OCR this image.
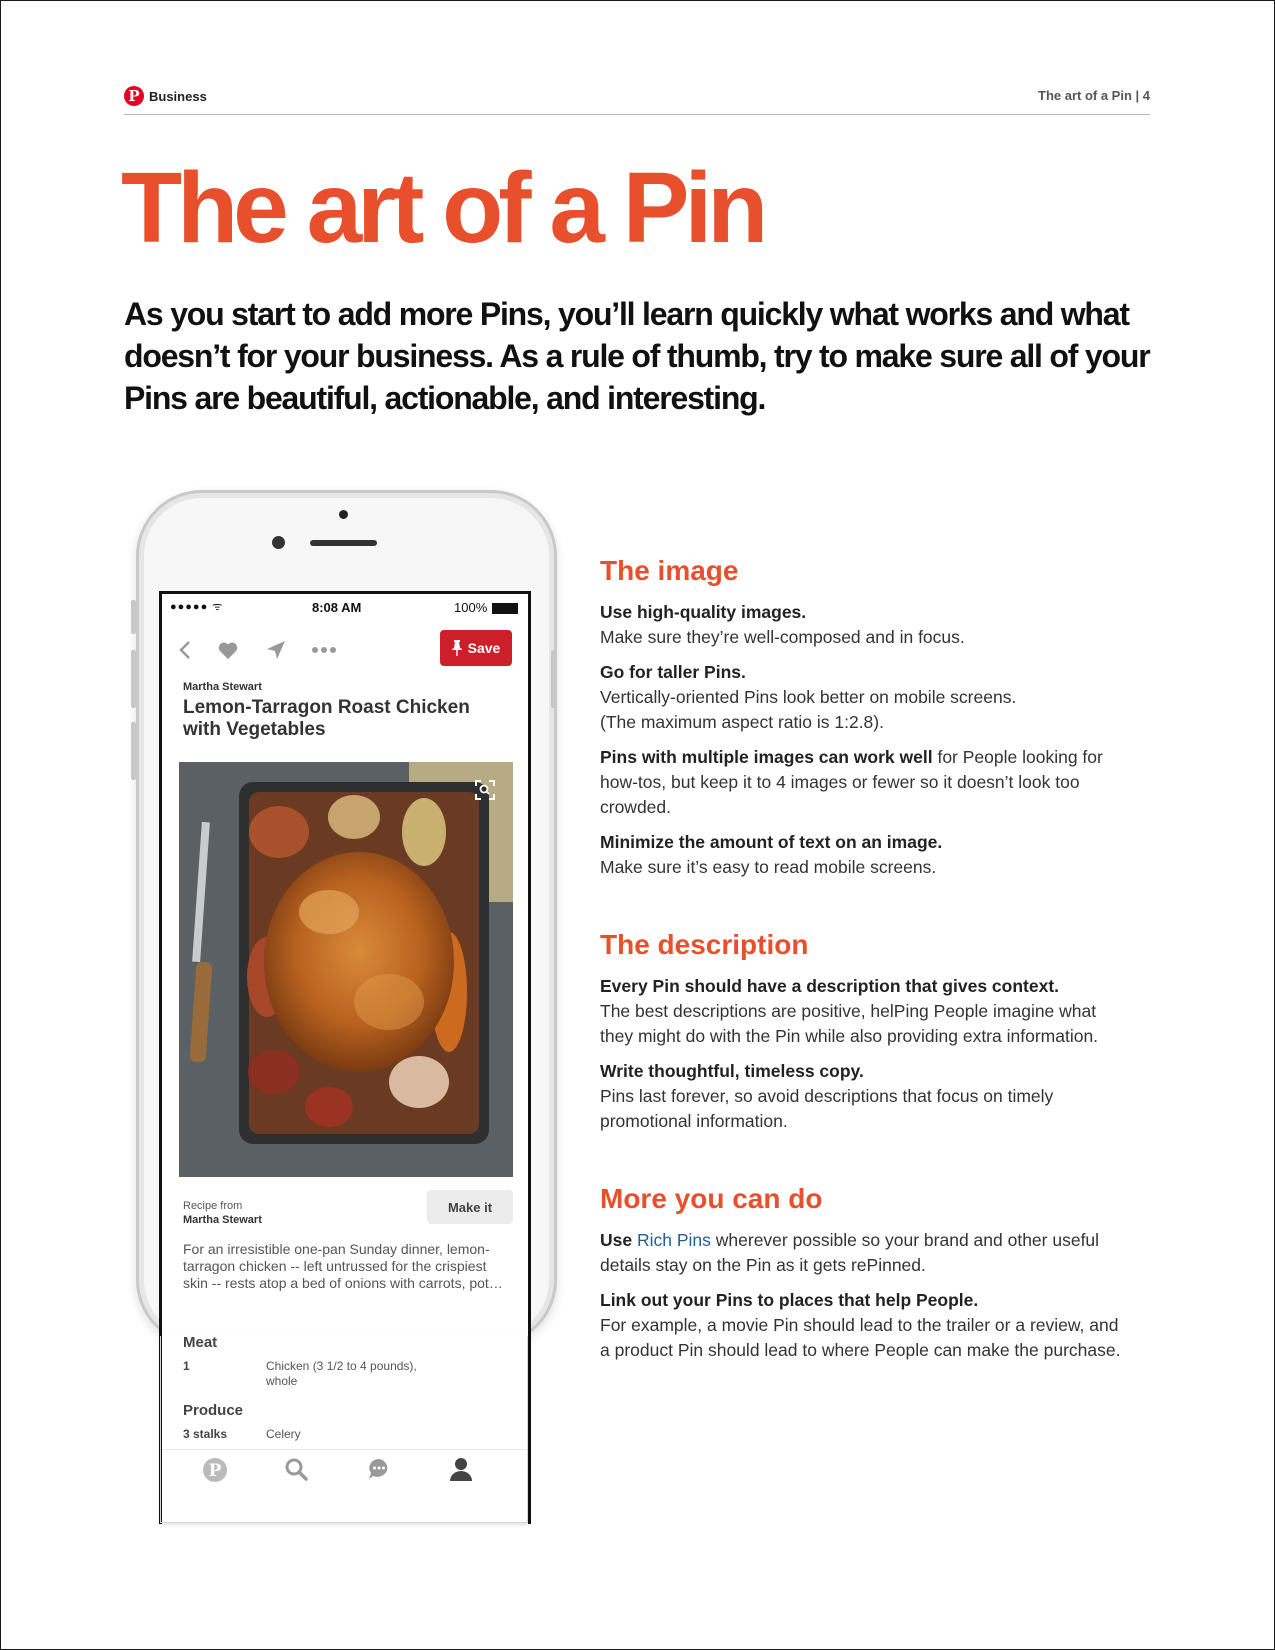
P Business	The art of a Pin | 4
The art of a Pin

As you start to add more Pins, you’ll learn quickly what works and what doesn’t for your business. As a rule of thumb, try to make sure all of your Pins are beautiful, actionable, and interesting.

●●●●● ᯤ	8:08 AM	100%
Save
Martha Stewart
Lemon-Tarragon Roast Chicken with Vegetables
Recipe from
Martha Stewart
Make it
For an irresistible one-pan Sunday dinner, lemon-tarragon chicken -- left untrussed for the crispiest skin -- rests atop a bed of onions with carrots, pot…
Meat
1	Chicken (3 1/2 to 4 pounds), whole
Produce
3 stalks	Celery
P
The image

Use high-quality images.
Make sure they’re well-composed and in focus.

Go for taller Pins.
Vertically-oriented Pins look better on mobile screens.
(The maximum aspect ratio is 1:2.8).

Pins with multiple images can work well for People looking for how-tos, but keep it to 4 images or fewer so it doesn’t look too crowded.

Minimize the amount of text on an image.
Make sure it’s easy to read mobile screens.

The description

Every Pin should have a description that gives context.
The best descriptions are positive, helPing People imagine what they might do with the Pin while also providing extra information.

Write thoughtful, timeless copy.
Pins last forever, so avoid descriptions that focus on timely promotional information.

More you can do

Use Rich Pins wherever possible so your brand and other useful details stay on the Pin as it gets rePinned.

Link out your Pins to places that help People.
For example, a movie Pin should lead to the trailer or a review, and a product Pin should lead to where People can make the purchase.
